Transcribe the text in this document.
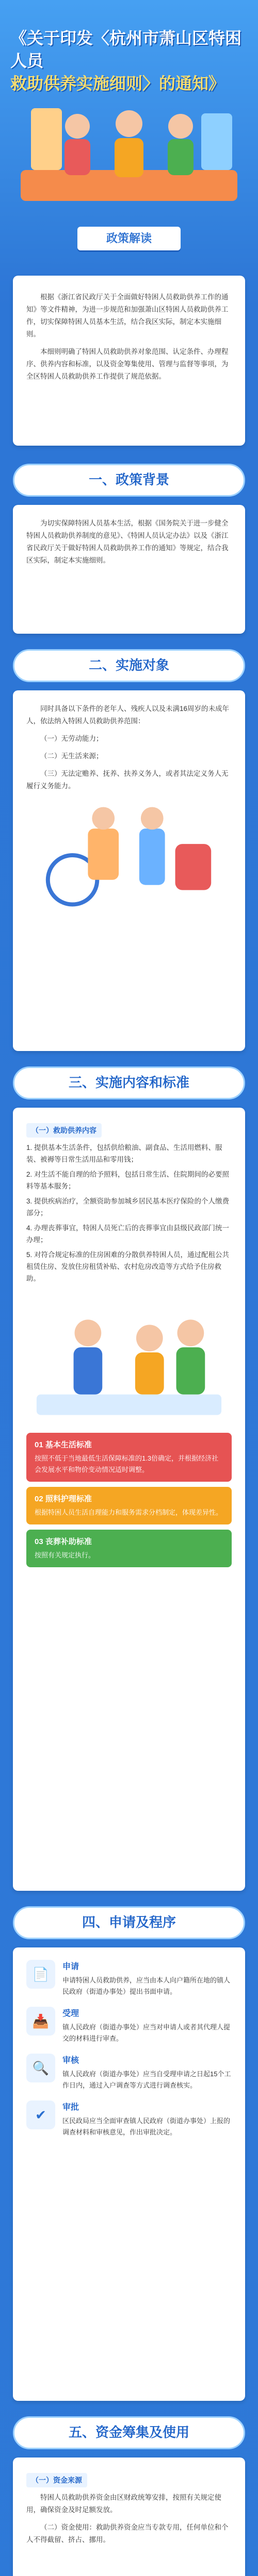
《关于印发〈杭州市萧山区特困人员
救助供养实施细则〉的通知》
政策解读

根据《浙江省民政厅关于全面做好特困人员救助供养工作的通知》等文件精神，为进一步规范和加强萧山区特困人员救助供养工作，切实保障特困人员基本生活，结合我区实际，制定本实施细则。

本细则明确了特困人员救助供养对象范围、认定条件、办理程序、供养内容和标准，以及资金筹集使用、管理与监督等事项，为全区特困人员救助供养工作提供了规范依据。

一、政策背景

为切实保障特困人员基本生活，根据《国务院关于进一步健全特困人员救助供养制度的意见》、《特困人员认定办法》以及《浙江省民政厅关于做好特困人员救助供养工作的通知》等规定，结合我区实际，制定本实施细则。

二、实施对象

同时具备以下条件的老年人、残疾人以及未满16周岁的未成年人，依法纳入特困人员救助供养范围：

（一）无劳动能力；

（二）无生活来源；

（三）无法定赡养、抚养、扶养义务人，或者其法定义务人无履行义务能力。

三、实施内容和标准
（一）救助供养内容
1. 提供基本生活条件，包括供给粮油、副食品、生活用燃料、服装、被褥等日常生活用品和零用钱；
2. 对生活不能自理的给予照料，包括日常生活、住院期间的必要照料等基本服务；
3. 提供疾病治疗，全额资助参加城乡居民基本医疗保险的个人缴费部分；
4. 办理丧葬事宜，特困人员死亡后的丧葬事宜由县级民政部门统一办理；
5. 对符合规定标准的住房困难的分散供养特困人员，通过配租公共租赁住房、发放住房租赁补贴、农村危房改造等方式给予住房救助。
01 基本生活标准
按照不低于当地最低生活保障标准的1.3倍确定，并根据经济社会发展水平和物价变动情况适时调整。
02 照料护理标准
根据特困人员生活自理能力和服务需求分档制定，体现差异性。
03 丧葬补助标准
按照有关规定执行。
四、申请及程序
📄	申请
申请特困人员救助供养，应当由本人向户籍所在地的镇人民政府（街道办事处）提出书面申请。
📥	受理
镇人民政府（街道办事处）应当对申请人或者其代理人提交的材料进行审查。
🔍	审核
镇人民政府（街道办事处）应当自受理申请之日起15个工作日内，通过入户调查等方式进行调查核实。
✔	审批
区民政局应当全面审查镇人民政府（街道办事处）上报的调查材料和审核意见，作出审批决定。
五、资金筹集及使用
（一）资金来源

特困人员救助供养资金由区财政统筹安排，按照有关规定使用，确保资金及时足额发放。

（二）资金使用：救助供养资金应当专款专用，任何单位和个人不得截留、挤占、挪用。
